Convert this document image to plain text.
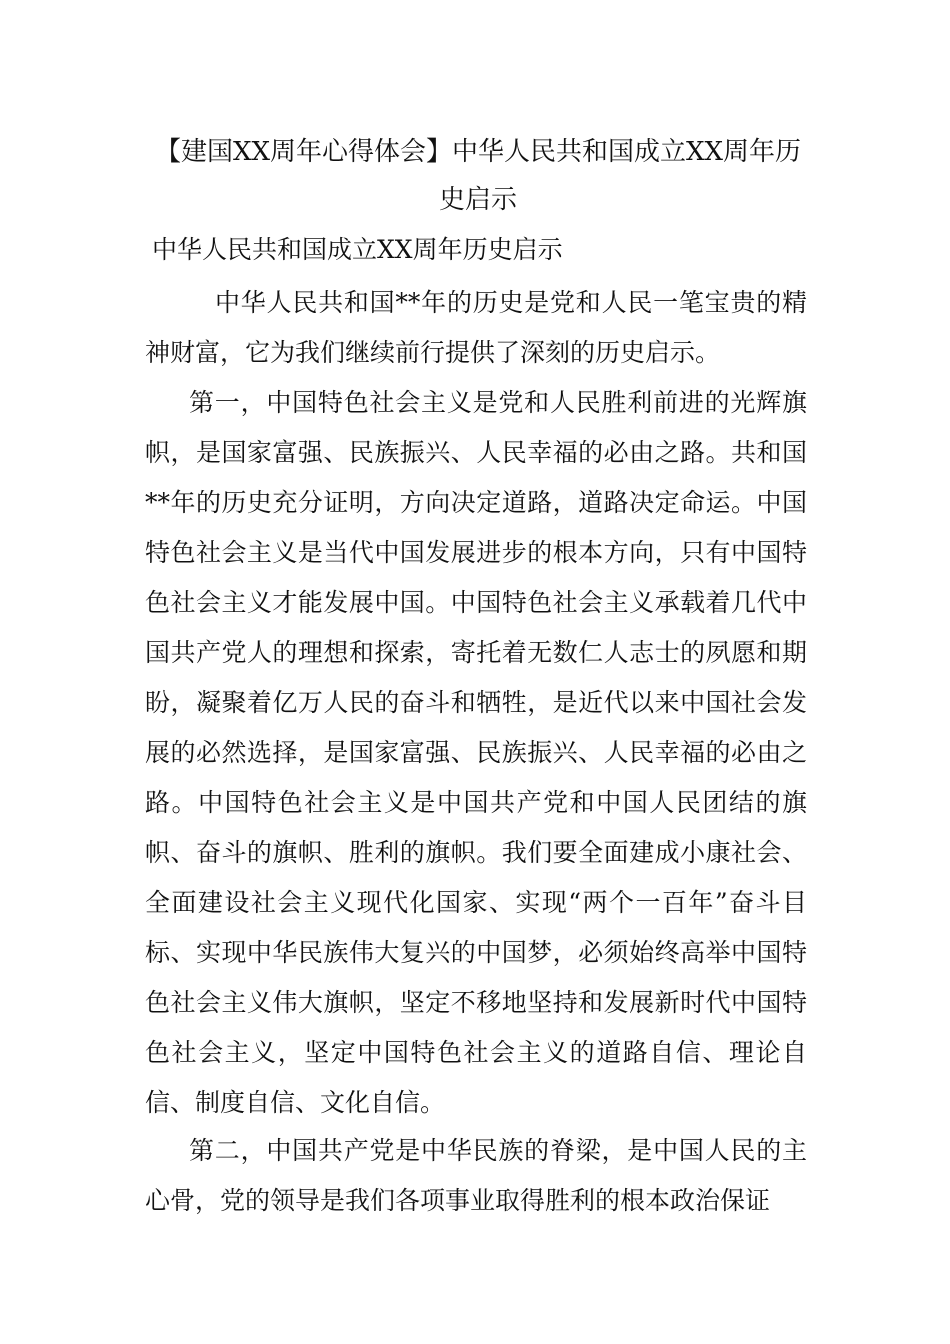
【建国XX周年心得体会】中华人民共和国成立XX周年历史启示
中华人民共和国成立XX周年历史启示

中华人民共和国**年的历史是党和人民一笔宝贵的精神财富，它为我们继续前行提供了深刻的历史启示。

第一，中国特色社会主义是党和人民胜利前进的光辉旗帜，是国家富强、民族振兴、人民幸福的必由之路。共和国**年的历史充分证明，方向决定道路，道路决定命运。中国特色社会主义是当代中国发展进步的根本方向，只有中国特色社会主义才能发展中国。中国特色社会主义承载着几代中国共产党人的理想和探索，寄托着无数仁人志士的夙愿和期盼，凝聚着亿万人民的奋斗和牺牲，是近代以来中国社会发展的必然选择，是国家富强、民族振兴、人民幸福的必由之路。中国特色社会主义是中国共产党和中国人民团结的旗帜、奋斗的旗帜、胜利的旗帜。我们要全面建成小康社会、全面建设社会主义现代化国家、实现“两个一百年”奋斗目标、实现中华民族伟大复兴的中国梦，必须始终高举中国特色社会主义伟大旗帜，坚定不移地坚持和发展新时代中国特色社会主义，坚定中国特色社会主义的道路自信、理论自信、制度自信、文化自信。

第二，中国共产党是中华民族的脊梁，是中国人民的主心骨，党的领导是我们各项事业取得胜利的根本政治保证
